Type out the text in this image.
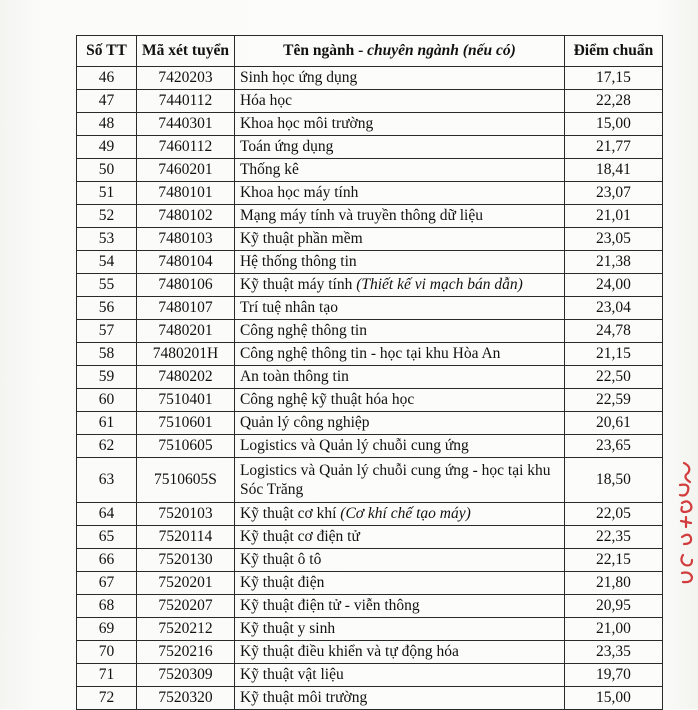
Số TT	Mã xét tuyển	Tên ngành - chuyên ngành (nếu có)	Điểm chuẩn
46	7420203	Sinh học ứng dụng	17,15
47	7440112	Hóa học	22,28
48	7440301	Khoa học môi trường	15,00
49	7460112	Toán ứng dụng	21,77
50	7460201	Thống kê	18,41
51	7480101	Khoa học máy tính	23,07
52	7480102	Mạng máy tính và truyền thông dữ liệu	21,01
53	7480103	Kỹ thuật phần mềm	23,05
54	7480104	Hệ thống thông tin	21,38
55	7480106	Kỹ thuật máy tính (Thiết kế vi mạch bán dẫn)	24,00
56	7480107	Trí tuệ nhân tạo	23,04
57	7480201	Công nghệ thông tin	24,78
58	7480201H	Công nghệ thông tin - học tại khu Hòa An	21,15
59	7480202	An toàn thông tin	22,50
60	7510401	Công nghệ kỹ thuật hóa học	22,59
61	7510601	Quản lý công nghiệp	20,61
62	7510605	Logistics và Quản lý chuỗi cung ứng	23,65
63	7510605S	Logistics và Quản lý chuỗi cung ứng - học tại khu Sóc Trăng	18,50
64	7520103	Kỹ thuật cơ khí (Cơ khí chế tạo máy)	22,05
65	7520114	Kỹ thuật cơ điện tử	22,35
66	7520130	Kỹ thuật ô tô	22,15
67	7520201	Kỹ thuật điện	21,80
68	7520207	Kỹ thuật điện tử - viễn thông	20,95
69	7520212	Kỹ thuật y sinh	21,00
70	7520216	Kỹ thuật điều khiển và tự động hóa	23,35
71	7520309	Kỹ thuật vật liệu	19,70
72	7520320	Kỹ thuật môi trường	15,00
